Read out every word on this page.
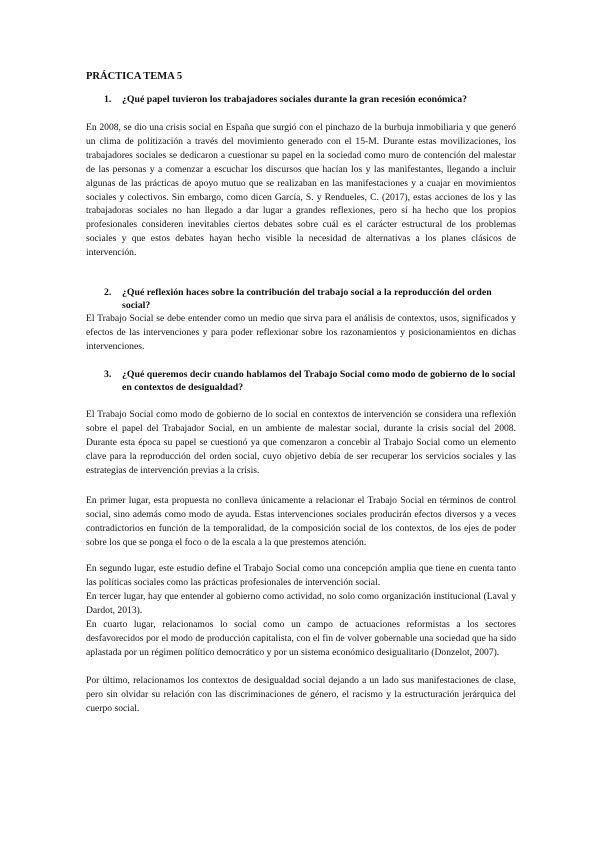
PRÁCTICA TEMA 5
1. ¿Qué papel tuvieron los trabajadores sociales durante la gran recesión económica?

En 2008, se dio una crisis social en España que surgió con el pinchazo de la burbuja inmobiliaria y que generó un clima de politización a través del movimiento generado con el 15-M. Durante estas movilizaciones, los trabajadores sociales se dedicaron a cuestionar su papel en la sociedad como muro de contención del malestar de las personas y a comenzar a escuchar los discursos que hacían los y las manifestantes, llegando a incluir algunas de las prácticas de apoyo mutuo que se realizaban en las manifestaciones y a cuajar en movimientos sociales y colectivos. Sin embargo, como dicen García, S. y Rendueles, C. (2017), estas acciones de los y las trabajadoras sociales no han llegado a dar lugar a grandes reflexiones, pero sí ha hecho que los propios profesionales consideren inevitables ciertos debates sobre cuál es el carácter estructural de los problemas sociales y que estos debates hayan hecho visible la necesidad de alternativas a los planes clásicos de intervención.

2. ¿Qué reflexión haces sobre la contribución del trabajo social a la reproducción del orden social?

El Trabajo Social se debe entender como un medio que sirva para el análisis de contextos, usos, significados y efectos de las intervenciones y para poder reflexionar sobre los razonamientos y posicionamientos en dichas intervenciones.

3. ¿Qué queremos decir cuando hablamos del Trabajo Social como modo de gobierno de lo social en contextos de desigualdad?

El Trabajo Social como modo de gobierno de lo social en contextos de intervención se considera una reflexión sobre el papel del Trabajador Social, en un ambiente de malestar social, durante la crisis social del 2008. Durante esta época su papel se cuestionó ya que comenzaron a concebir al Trabajo Social como un elemento clave para la reproducción del orden social, cuyo objetivo debía de ser recuperar los servicios sociales y las estrategias de intervención previas a la crisis.

En primer lugar, esta propuesta no conlleva únicamente a relacionar el Trabajo Social en términos de control social, sino además como modo de ayuda. Estas intervenciones sociales producirán efectos diversos y a veces contradictorios en función de la temporalidad, de la composición social de los contextos, de los ejes de poder sobre los que se ponga el foco o de la escala a la que prestemos atención.

En segundo lugar, este estudio define el Trabajo Social como una concepción amplia que tiene en cuenta tanto las políticas sociales como las prácticas profesionales de intervención social.

En tercer lugar, hay que entender al gobierno como actividad, no solo como organización institucional (Laval y Dardot, 2013).

En cuarto lugar, relacionamos lo social como un campo de actuaciones reformistas a los sectores desfavorecidos por el modo de producción capitalista, con el fin de volver gobernable una sociedad que ha sido aplastada por un régimen político democrático y por un sistema económico desigualitario (Donzelot, 2007).

Por último, relacionamos los contextos de desigualdad social dejando a un lado sus manifestaciones de clase, pero sin olvidar su relación con las discriminaciones de género, el racismo y la estructuración jerárquica del cuerpo social.
